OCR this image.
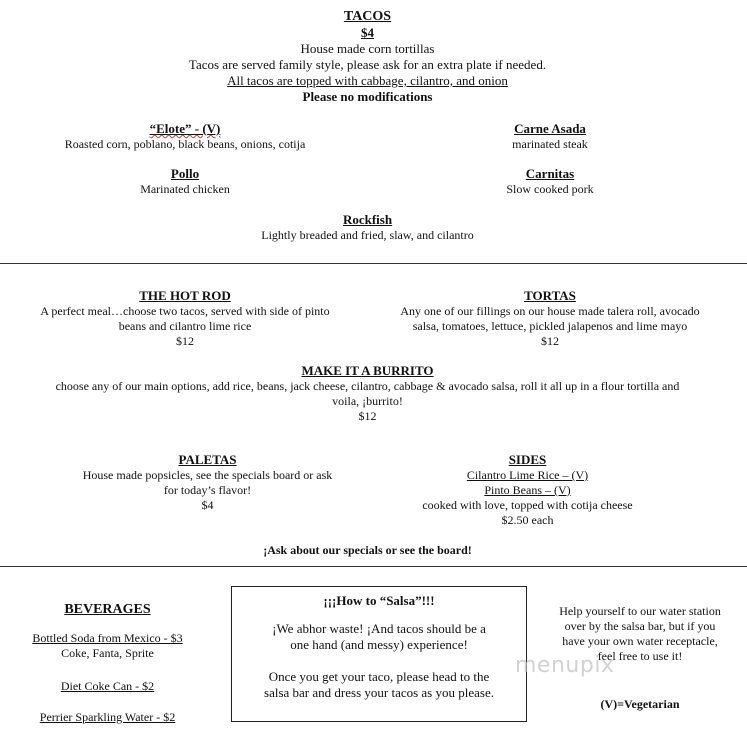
TACOS
$4
House made corn tortillas
Tacos are served family style, please ask for an extra plate if needed.
All tacos are topped with cabbage, cilantro, and onion
Please no modifications
“Elote” - (V)
Roasted corn, poblano, black beans, onions, cotija
Carne Asada
marinated steak
Pollo
Marinated chicken
Carnitas
Slow cooked pork
Rockfish
Lightly breaded and fried, slaw, and cilantro
THE HOT ROD
A perfect meal…choose two tacos, served with side of pinto
beans and cilantro lime rice
$12
TORTAS
Any one of our fillings on our house made talera roll, avocado
salsa, tomatoes, lettuce, pickled jalapenos and lime mayo
$12
MAKE IT A BURRITO
choose any of our main options, add rice, beans, jack cheese, cilantro, cabbage & avocado salsa, roll it all up in a flour tortilla and
voila, ¡burrito!
$12
PALETAS
House made popsicles, see the specials board or ask
for today’s flavor!
$4
SIDES
Cilantro Lime Rice – (V)
Pinto Beans – (V)
cooked with love, topped with cotija cheese
$2.50 each
¡Ask about our specials or see the board!
BEVERAGES
Bottled Soda from Mexico - $3
Coke, Fanta, Sprite
Diet Coke Can - $2
Perrier Sparkling Water - $2
¡¡¡How to “Salsa”!!!
¡We abhor waste! ¡And tacos should be a
one hand (and messy) experience!
Once you get your taco, please head to the
salsa bar and dress your tacos as you please.
Help yourself to our water station
over by the salsa bar, but if you
have your own water receptacle,
feel free to use it!
(V)=Vegetarian
menupix
